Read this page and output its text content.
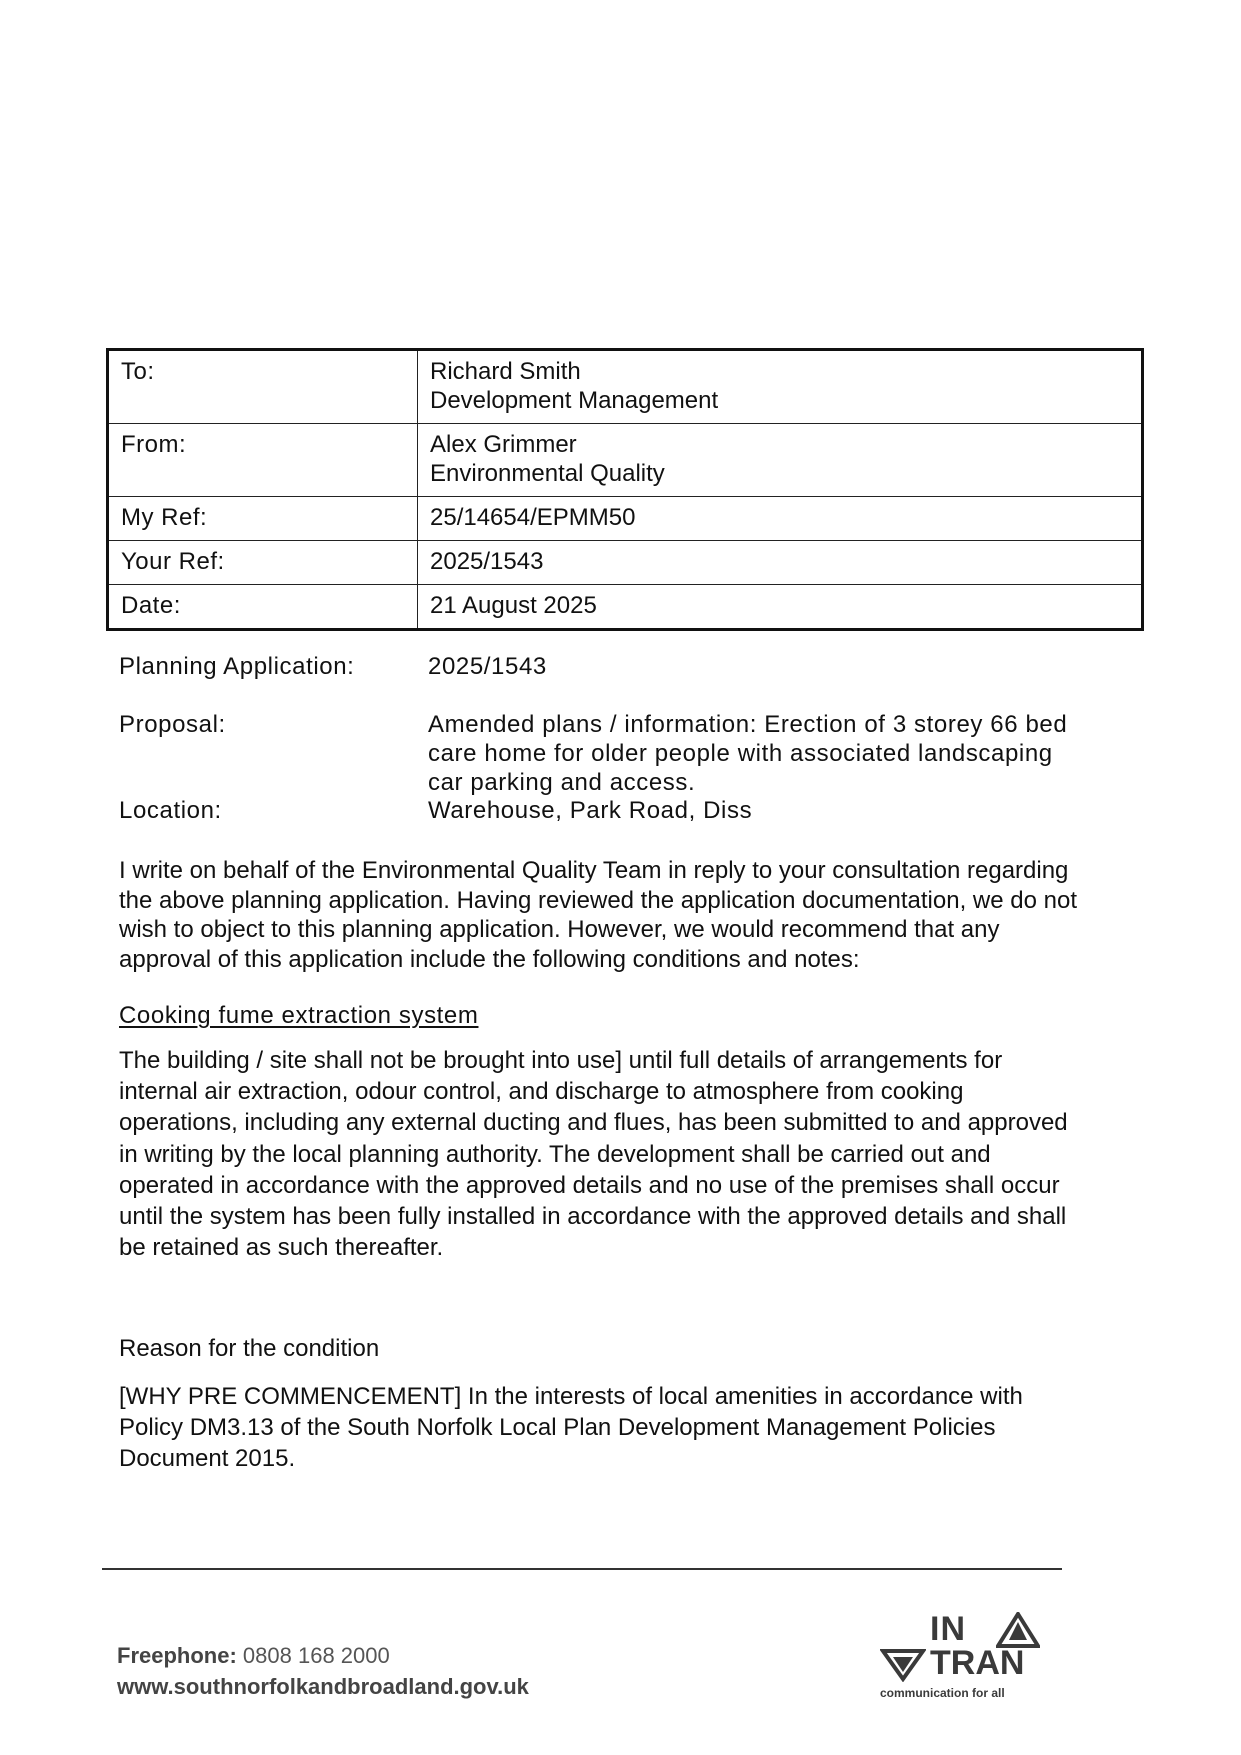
To:	Richard Smith
Development Management

From:	Alex Grimmer
Environmental Quality

My Ref:	25/14654/EPMM50
Your Ref:	2025/1543
Date:	21 August 2025
Planning Application:	2025/1543
Proposal:	Amended plans / information: Erection of 3 storey 66 bed
care home for older people with associated landscaping
car parking and access.
Location:	Warehouse, Park Road, Diss
I write on behalf of the Environmental Quality Team in reply to your consultation regarding
the above planning application. Having reviewed the application documentation, we do not
wish to object to this planning application. However, we would recommend that any
approval of this application include the following conditions and notes:
Cooking fume extraction system
The building / site shall not be brought into use] until full details of arrangements for
internal air extraction, odour control, and discharge to atmosphere from cooking
operations, including any external ducting and flues, has been submitted to and approved
in writing by the local planning authority. The development shall be carried out and
operated in accordance with the approved details and no use of the premises shall occur
until the system has been fully installed in accordance with the approved details and shall
be retained as such thereafter.
Reason for the condition
[WHY PRE COMMENCEMENT] In the interests of local amenities in accordance with
Policy DM3.13 of the South Norfolk Local Plan Development Management Policies
Document 2015.
Freephone: 0808 168 2000
www.southnorfolkandbroadland.gov.uk
IN
TRAN
communication for all
